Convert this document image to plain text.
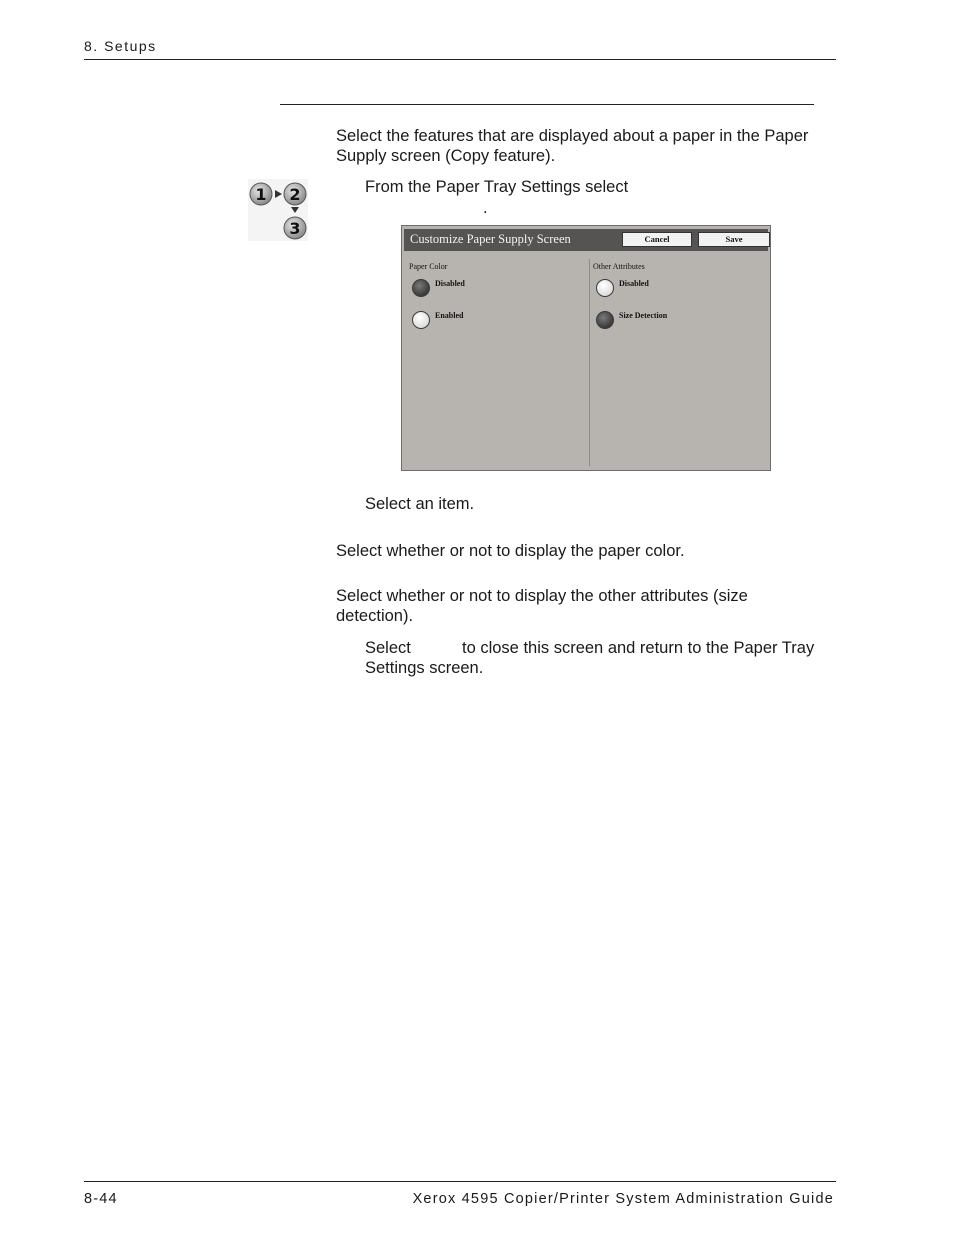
8. Setups
Select the features that are displayed about a paper in the Paper Supply screen (Copy feature).
1 2
3
From the Paper Tray Settings select
.
Customize Paper Supply Screen	Cancel	Save
Paper Color
Disabled
Enabled
Other Attributes
Disabled
Size Detection
Select an item.
Select whether or not to display the paper color.
Select whether or not to display the other attributes (size detection).
Select	to close this screen and return to the Paper Tray Settings screen.
8-44	Xerox 4595 Copier/Printer System Administration Guide
